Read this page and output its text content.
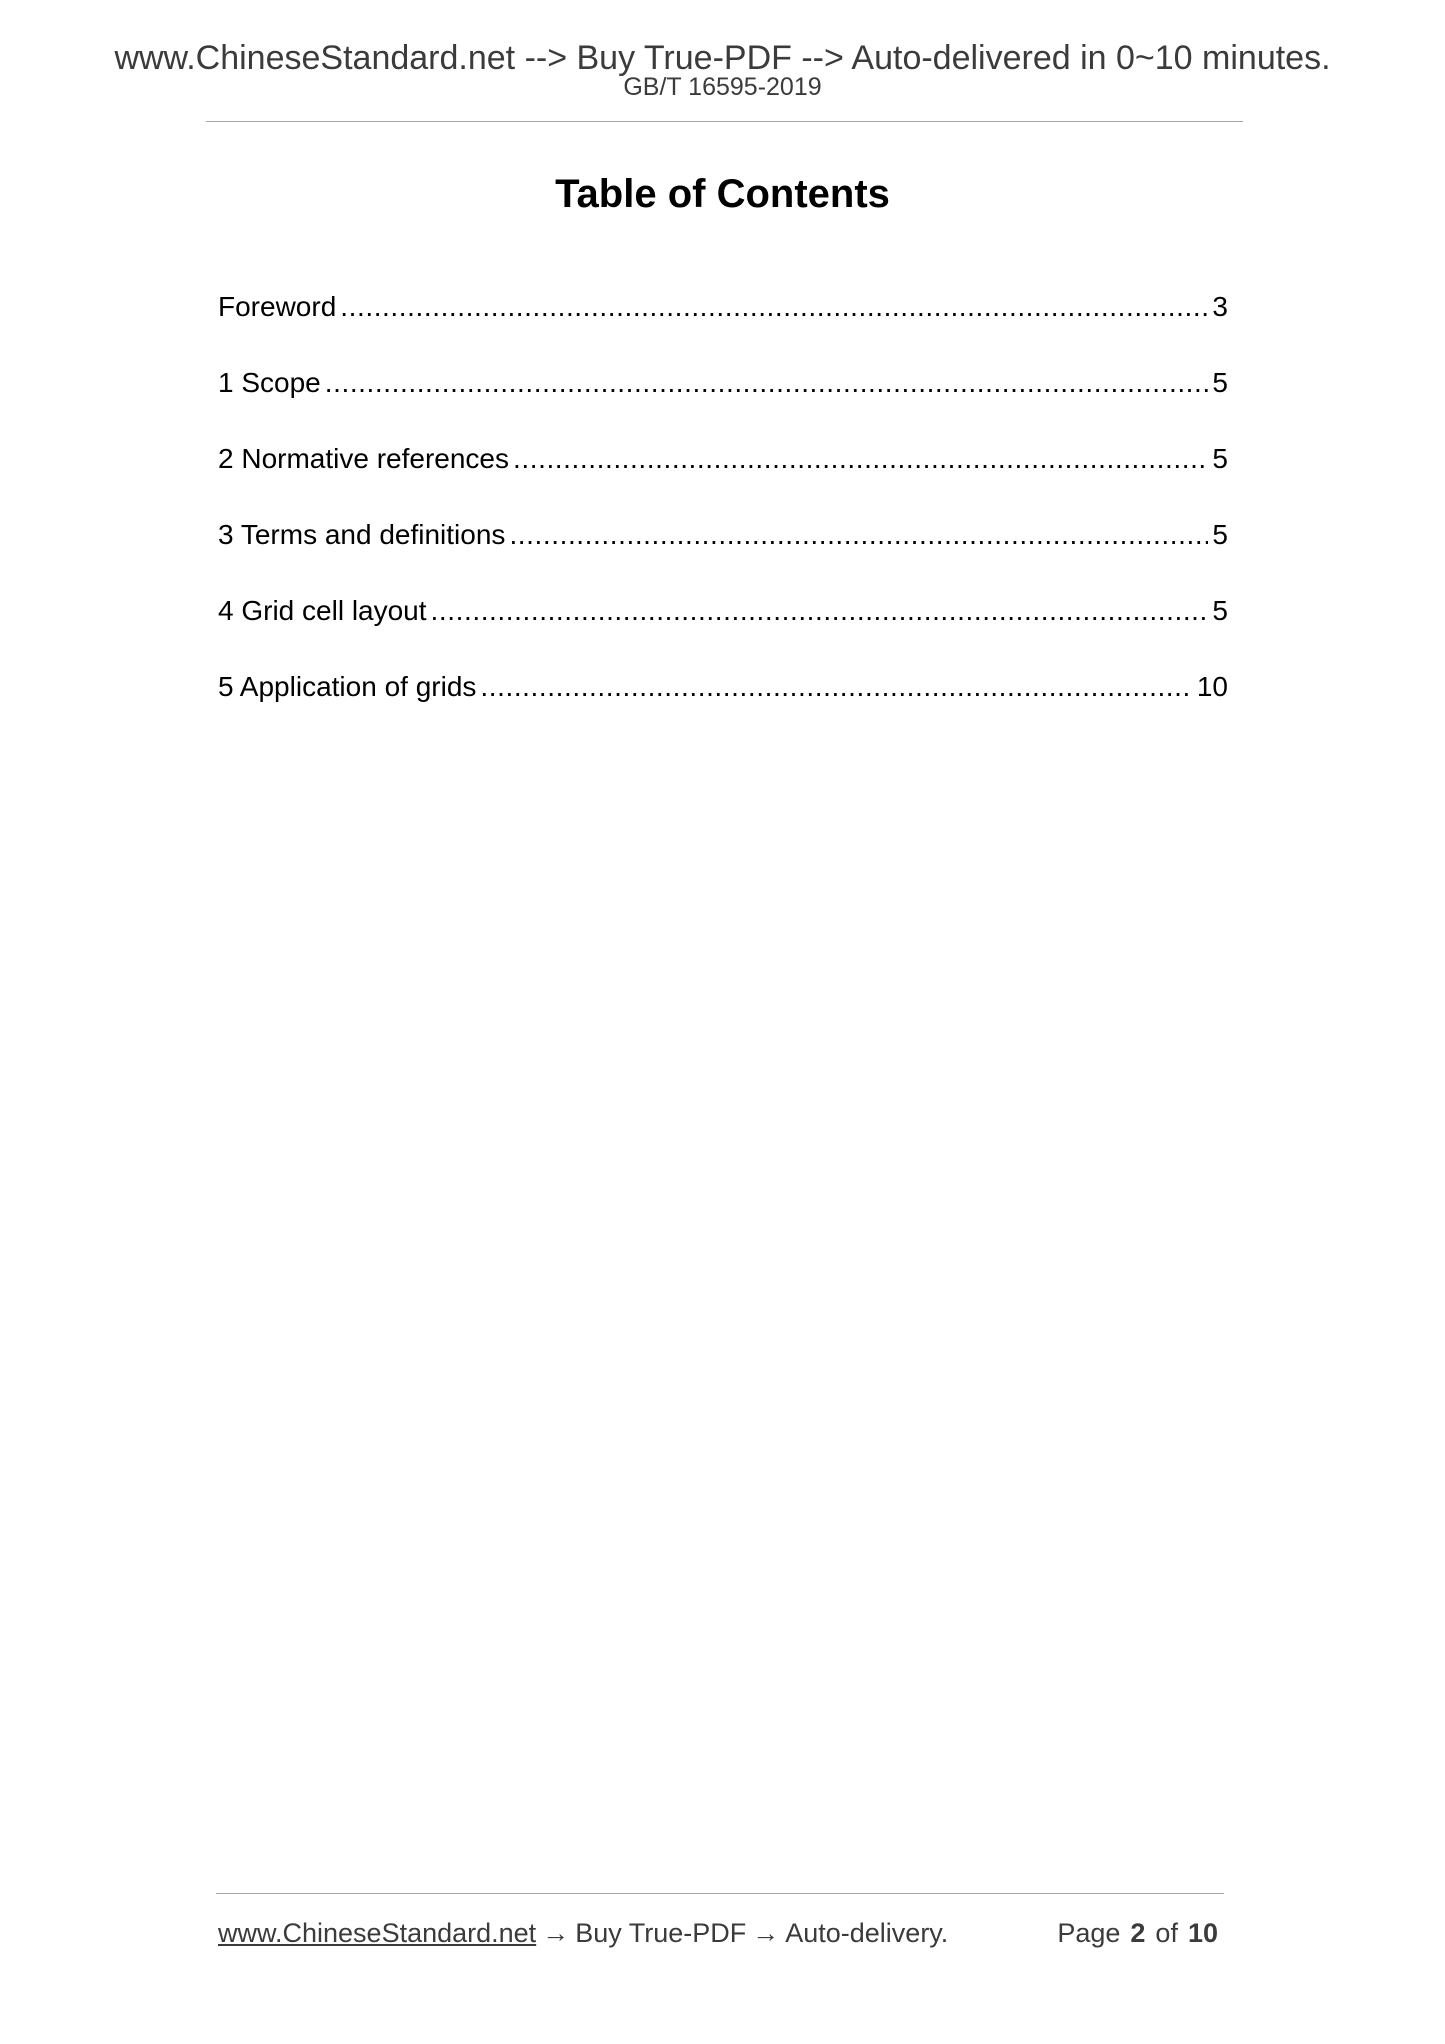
www.ChineseStandard.net --> Buy True-PDF --> Auto-delivered in 0~10 minutes.
GB/T 16595-2019
Table of Contents
Foreword . . .	3
1 Scope . . .	5
2 Normative references . . .	5
3 Terms and definitions . . .	5
4 Grid cell layout . . .	5
5 Application of grids . . .	10
www.ChineseStandard.net → Buy True-PDF → Auto-delivery.	Page 2 of 10
